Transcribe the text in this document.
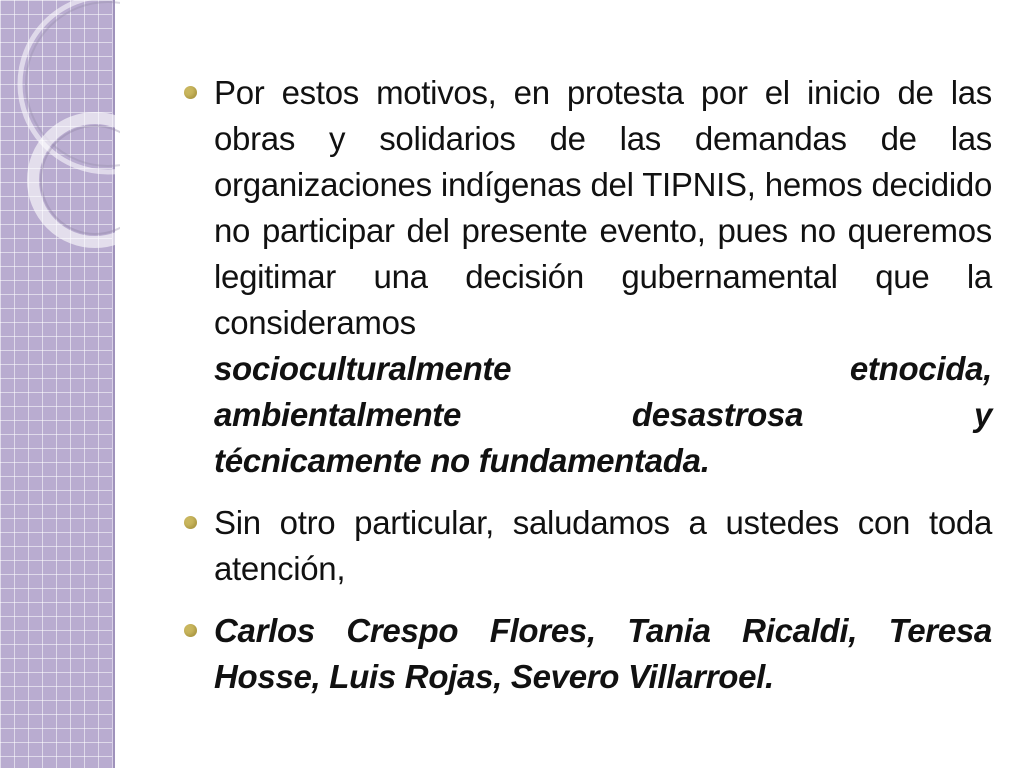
Por estos motivos, en protesta por el inicio de las obras y solidarios de las demandas de las organizaciones indígenas del TIPNIS, hemos decidido no participar del presente evento, pues no queremos legitimar una decisión gubernamental que la consideramos
socioculturalmente etnocida,
ambientalmente desastrosa y
técnicamente no fundamentada.

Sin otro particular, saludamos a ustedes con toda atención,

Carlos Crespo Flores, Tania Ricaldi, Teresa Hosse, Luis Rojas, Severo Villarroel.
